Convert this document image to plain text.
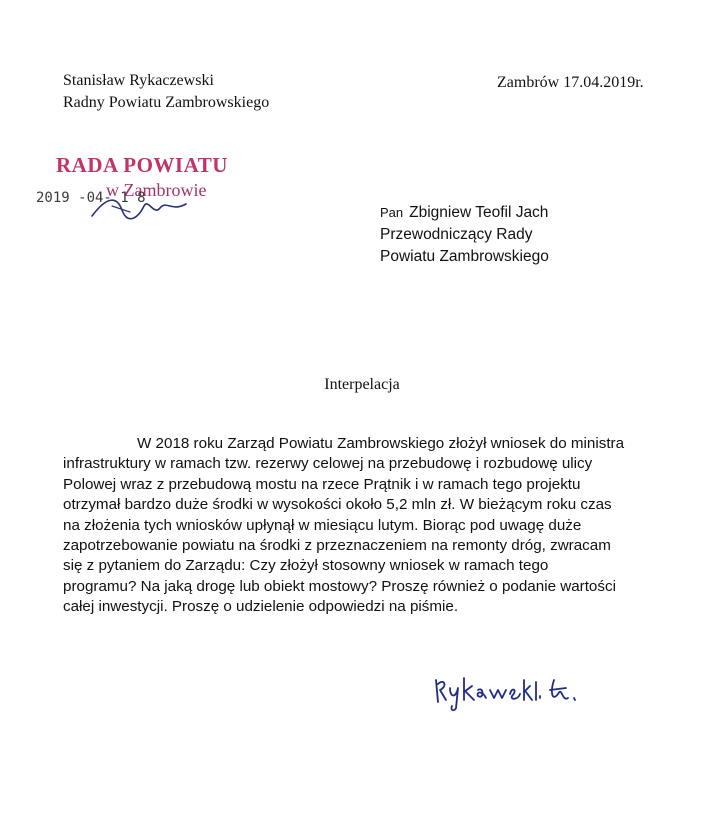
Stanisław Rykaczewski
Radny Powiatu Zambrowskiego
Zambrów 17.04.2019r.
RADA POWIATU
w Zambrowie
2019 -04- 1 8
Pan Zbigniew Teofil Jach
Przewodniczący Rady
Powiatu Zambrowskiego
Interpelacja
W 2018 roku Zarząd Powiatu Zambrowskiego złożył wniosek do ministra
infrastruktury w ramach tzw. rezerwy celowej na przebudowę i rozbudowę ulicy
Polowej wraz z przebudową mostu na rzece Prątnik i w ramach tego projektu
otrzymał bardzo duże środki w wysokości około 5,2 mln zł. W bieżącym roku czas
na złożenia tych wniosków upłynął w miesiącu lutym. Biorąc pod uwagę duże
zapotrzebowanie powiatu na środki z przeznaczeniem na remonty dróg, zwracam
się z pytaniem do Zarządu: Czy złożył stosowny wniosek w ramach tego
programu? Na jaką drogę lub obiekt mostowy? Proszę również o podanie wartości
całej inwestycji. Proszę o udzielenie odpowiedzi na piśmie.
